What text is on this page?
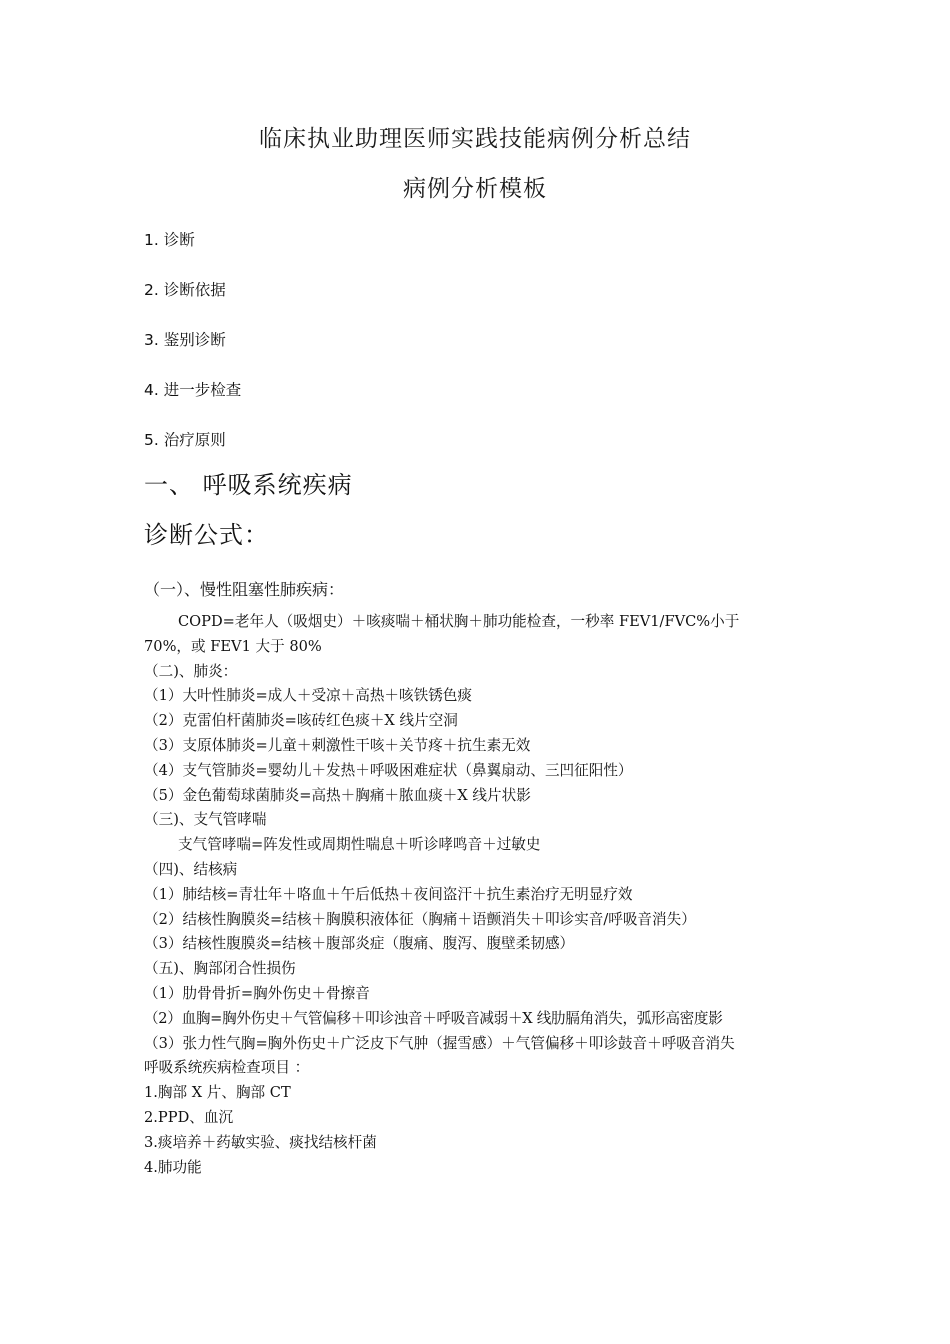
临床执业助理医师实践技能病例分析总结
病例分析模板
1. 诊断
2. 诊断依据
3. 鉴别诊断
4. 进一步检查
5. 治疗原则
一、 呼吸系统疾病
诊断公式：
（一）、慢性阻塞性肺疾病：
COPD=老年人（吸烟史）＋咳痰喘＋桶状胸＋肺功能检查，一秒率 FEV1/FVC%小于
70%，或 FEV1 大于 80%
（二)、肺炎：
（1）大叶性肺炎=成人＋受凉＋高热＋咳铁锈色痰
（2）克雷伯杆菌肺炎=咳砖红色痰＋X 线片空洞
（3）支原体肺炎=儿童＋刺激性干咳＋关节疼＋抗生素无效
（4）支气管肺炎=婴幼儿＋发热＋呼吸困难症状（鼻翼扇动、三凹征阳性）
（5）金色葡萄球菌肺炎=高热＋胸痛＋脓血痰＋X 线片状影
（三)、支气管哮喘
支气管哮喘=阵发性或周期性喘息＋听诊哮鸣音＋过敏史
（四)、结核病
（1）肺结核=青壮年＋咯血＋午后低热＋夜间盗汗＋抗生素治疗无明显疗效
（2）结核性胸膜炎=结核＋胸膜积液体征（胸痛＋语颤消失＋叩诊实音/呼吸音消失）
（3）结核性腹膜炎=结核＋腹部炎症（腹痛、腹泻、腹壁柔韧感）
（五)、胸部闭合性损伤
（1）肋骨骨折=胸外伤史＋骨擦音
（2）血胸=胸外伤史＋气管偏移＋叩诊浊音＋呼吸音减弱＋X 线肋膈角消失，弧形高密度影
（3）张力性气胸=胸外伤史＋广泛皮下气肿（握雪感）＋气管偏移＋叩诊鼓音＋呼吸音消失
呼吸系统疾病检查项目 ：
1.胸部 X 片、胸部 CT
2.PPD、血沉
3.痰培养＋药敏实验、痰找结核杆菌
4.肺功能
